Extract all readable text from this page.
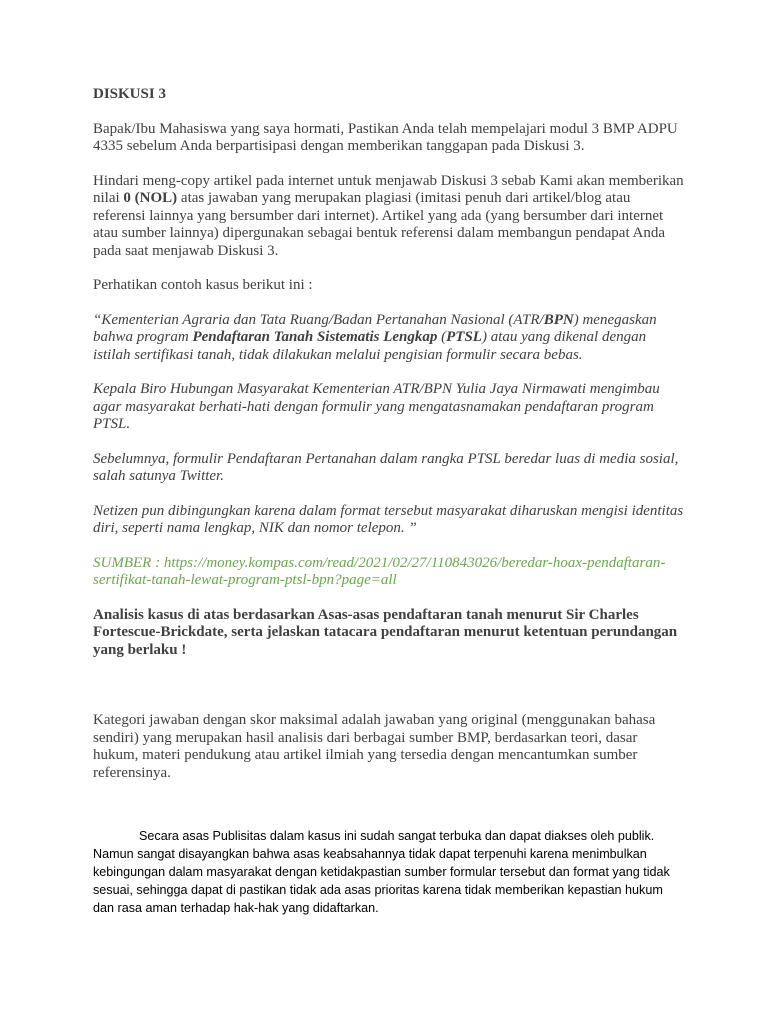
DISKUSI 3

Bapak/Ibu Mahasiswa yang saya hormati, Pastikan Anda telah mempelajari modul 3 BMP ADPU 4335 sebelum Anda berpartisipasi dengan memberikan tanggapan pada Diskusi 3.

Hindari meng-copy artikel pada internet untuk menjawab Diskusi 3 sebab Kami akan memberikan nilai 0 (NOL) atas jawaban yang merupakan plagiasi (imitasi penuh dari artikel/blog atau referensi lainnya yang bersumber dari internet). Artikel yang ada (yang bersumber dari internet atau sumber lainnya) dipergunakan sebagai bentuk referensi dalam membangun pendapat Anda pada saat menjawab Diskusi 3.

Perhatikan contoh kasus berikut ini :

“Kementerian Agraria dan Tata Ruang/Badan Pertanahan Nasional (ATR/BPN) menegaskan bahwa program Pendaftaran Tanah Sistematis Lengkap (PTSL) atau yang dikenal dengan istilah sertifikasi tanah, tidak dilakukan melalui pengisian formulir secara bebas.

Kepala Biro Hubungan Masyarakat Kementerian ATR/BPN Yulia Jaya Nirmawati mengimbau agar masyarakat berhati-hati dengan formulir yang mengatasnamakan pendaftaran program PTSL.

Sebelumnya, formulir Pendaftaran Pertanahan dalam rangka PTSL beredar luas di media sosial, salah satunya Twitter.

Netizen pun dibingungkan karena dalam format tersebut masyarakat diharuskan mengisi identitas diri, seperti nama lengkap, NIK dan nomor telepon. ”

SUMBER : https://money.kompas.com/read/2021/02/27/110843026/beredar-hoax-pendaftaran-sertifikat-tanah-lewat-program-ptsl-bpn?page=all

Analisis kasus di atas berdasarkan Asas-asas pendaftaran tanah menurut Sir Charles Fortescue-Brickdate, serta jelaskan tatacara pendaftaran menurut ketentuan perundangan yang berlaku !

Kategori jawaban dengan skor maksimal adalah jawaban yang original (menggunakan bahasa sendiri) yang merupakan hasil analisis dari berbagai sumber BMP, berdasarkan teori, dasar hukum, materi pendukung atau artikel ilmiah yang tersedia dengan mencantumkan sumber referensinya.

Secara asas Publisitas dalam kasus ini sudah sangat terbuka dan dapat diakses oleh publik. Namun sangat disayangkan bahwa asas keabsahannya tidak dapat terpenuhi karena menimbulkan kebingungan dalam masyarakat dengan ketidakpastian sumber formular tersebut dan format yang tidak sesuai, sehingga dapat di pastikan tidak ada asas prioritas karena tidak memberikan kepastian hukum dan rasa aman terhadap hak-hak yang didaftarkan.
